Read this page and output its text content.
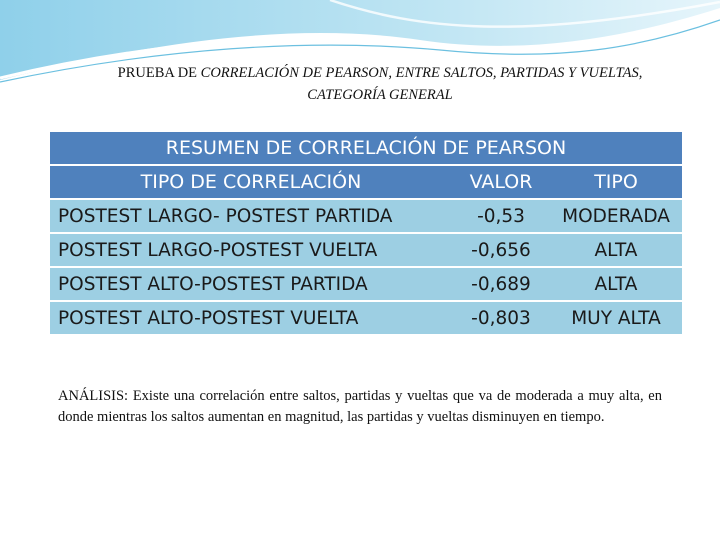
PRUEBA DE CORRELACIÓN DE PEARSON, ENTRE SALTOS, PARTIDAS Y VUELTAS, CATEGORÍA GENERAL
RESUMEN DE CORRELACIÓN DE PEARSON		
TIPO DE CORRELACIÓN	VALOR	TIPO
POSTEST LARGO- POSTEST PARTIDA	-0,53	MODERADA
POSTEST LARGO-POSTEST VUELTA	-0,656	ALTA
POSTEST ALTO-POSTEST PARTIDA	-0,689	ALTA
POSTEST ALTO-POSTEST VUELTA	-0,803	MUY ALTA
ANÁLISIS: Existe una correlación entre saltos, partidas y vueltas que va de moderada a muy alta, en donde mientras los saltos aumentan en magnitud, las partidas y vueltas disminuyen en tiempo.
